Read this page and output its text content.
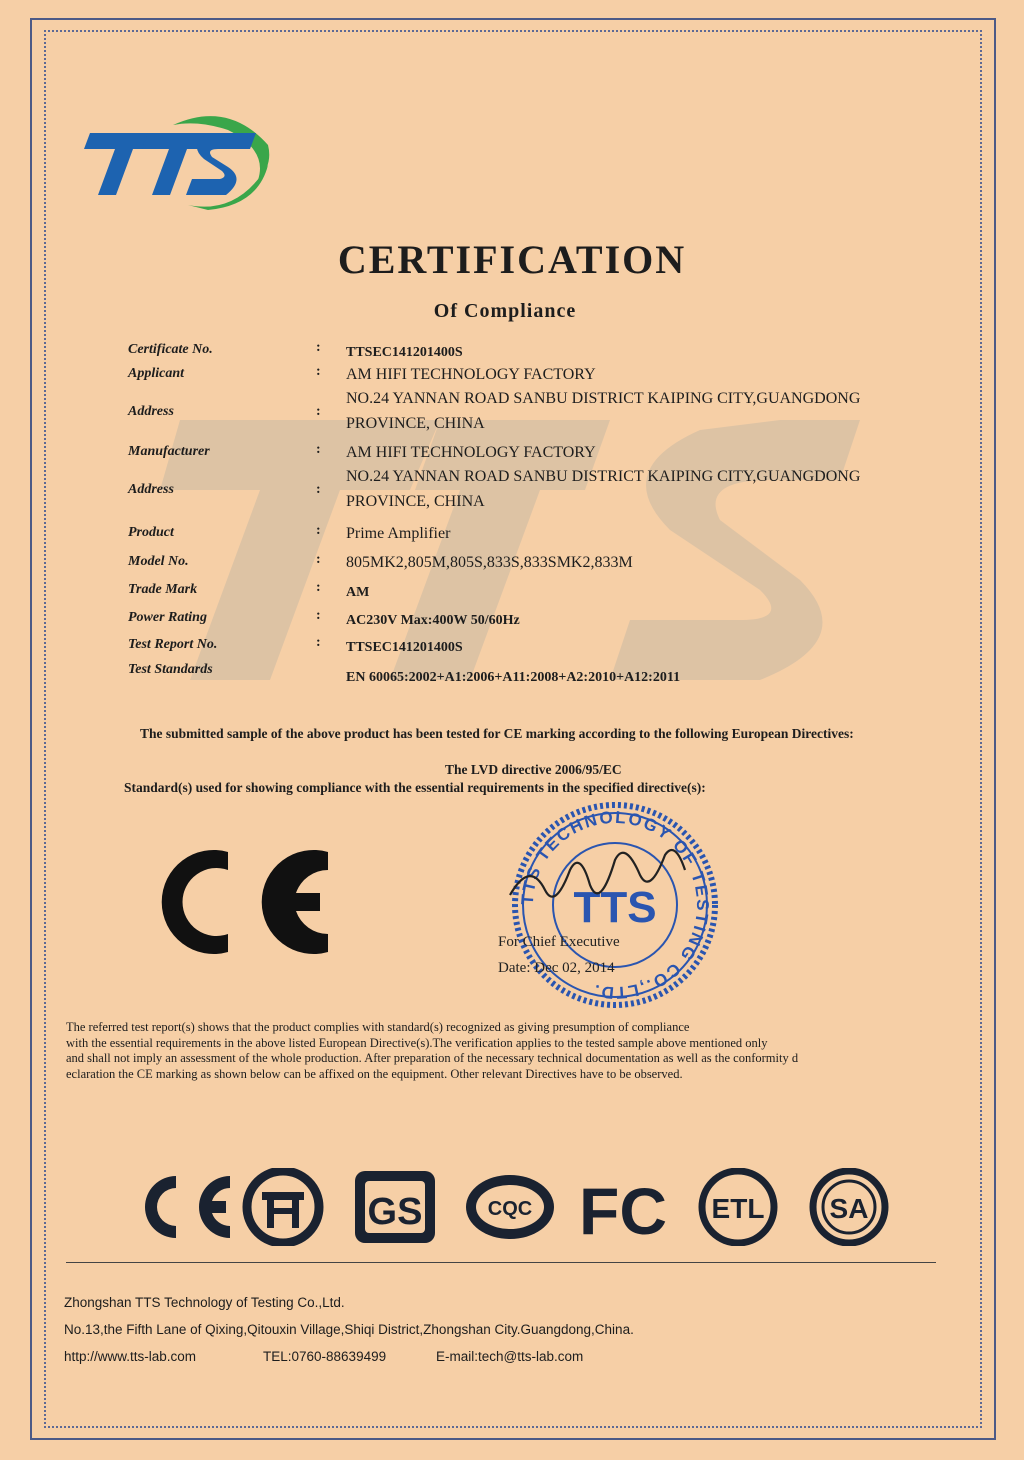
CERTIFICATION
Of Compliance
Certificate No.	:	TTSEC141201400S
Applicant	:	AM HIFI TECHNOLOGY FACTORY
Address	:
NO.24 YANNAN ROAD SANBU DISTRICT KAIPING CITY,GUANGDONG
PROVINCE, CHINA
Manufacturer	:	AM HIFI TECHNOLOGY FACTORY
Address	:
NO.24 YANNAN ROAD SANBU DISTRICT KAIPING CITY,GUANGDONG
PROVINCE, CHINA
Product	:	Prime Amplifier
Model No.	:	805MK2,805M,805S,833S,833SMK2,833M
Trade Mark	:	AM
Power Rating	:	AC230V Max:400W 50/60Hz
Test Report No.	:	TTSEC141201400S
Test Standards
EN 60065:2002+A1:2006+A11:2008+A2:2010+A12:2011
The submitted sample of the above product has been tested for CE marking according to the following European Directives:
The LVD directive 2006/95/EC
Standard(s) used for showing compliance with the essential requirements in the specified directive(s):
TTS TECHNOLOGY OF TESTING CO.,LTD.
TTS
For Chief Executive
Date: Dec 02, 2014
The referred test report(s) shows that the product complies with standard(s) recognized as giving presumption of compliance
with the essential requirements in the above listed European Directive(s).The verification applies to the tested sample above mentioned only
and shall not imply an assessment of the whole production. After preparation of the necessary technical documentation as well as the conformity d
eclaration the CE marking as shown below can be affixed on the equipment. Other relevant Directives have to be observed.
GS	CQC FC ETL SA
Zhongshan TTS Technology of Testing Co.,Ltd.
No.13,the Fifth Lane of Qixing,Qitouxin Village,Shiqi District,Zhongshan City.Guangdong,China.
http://www.tts-lab.com	TEL:0760-88639499	E-mail:tech@tts-lab.com
